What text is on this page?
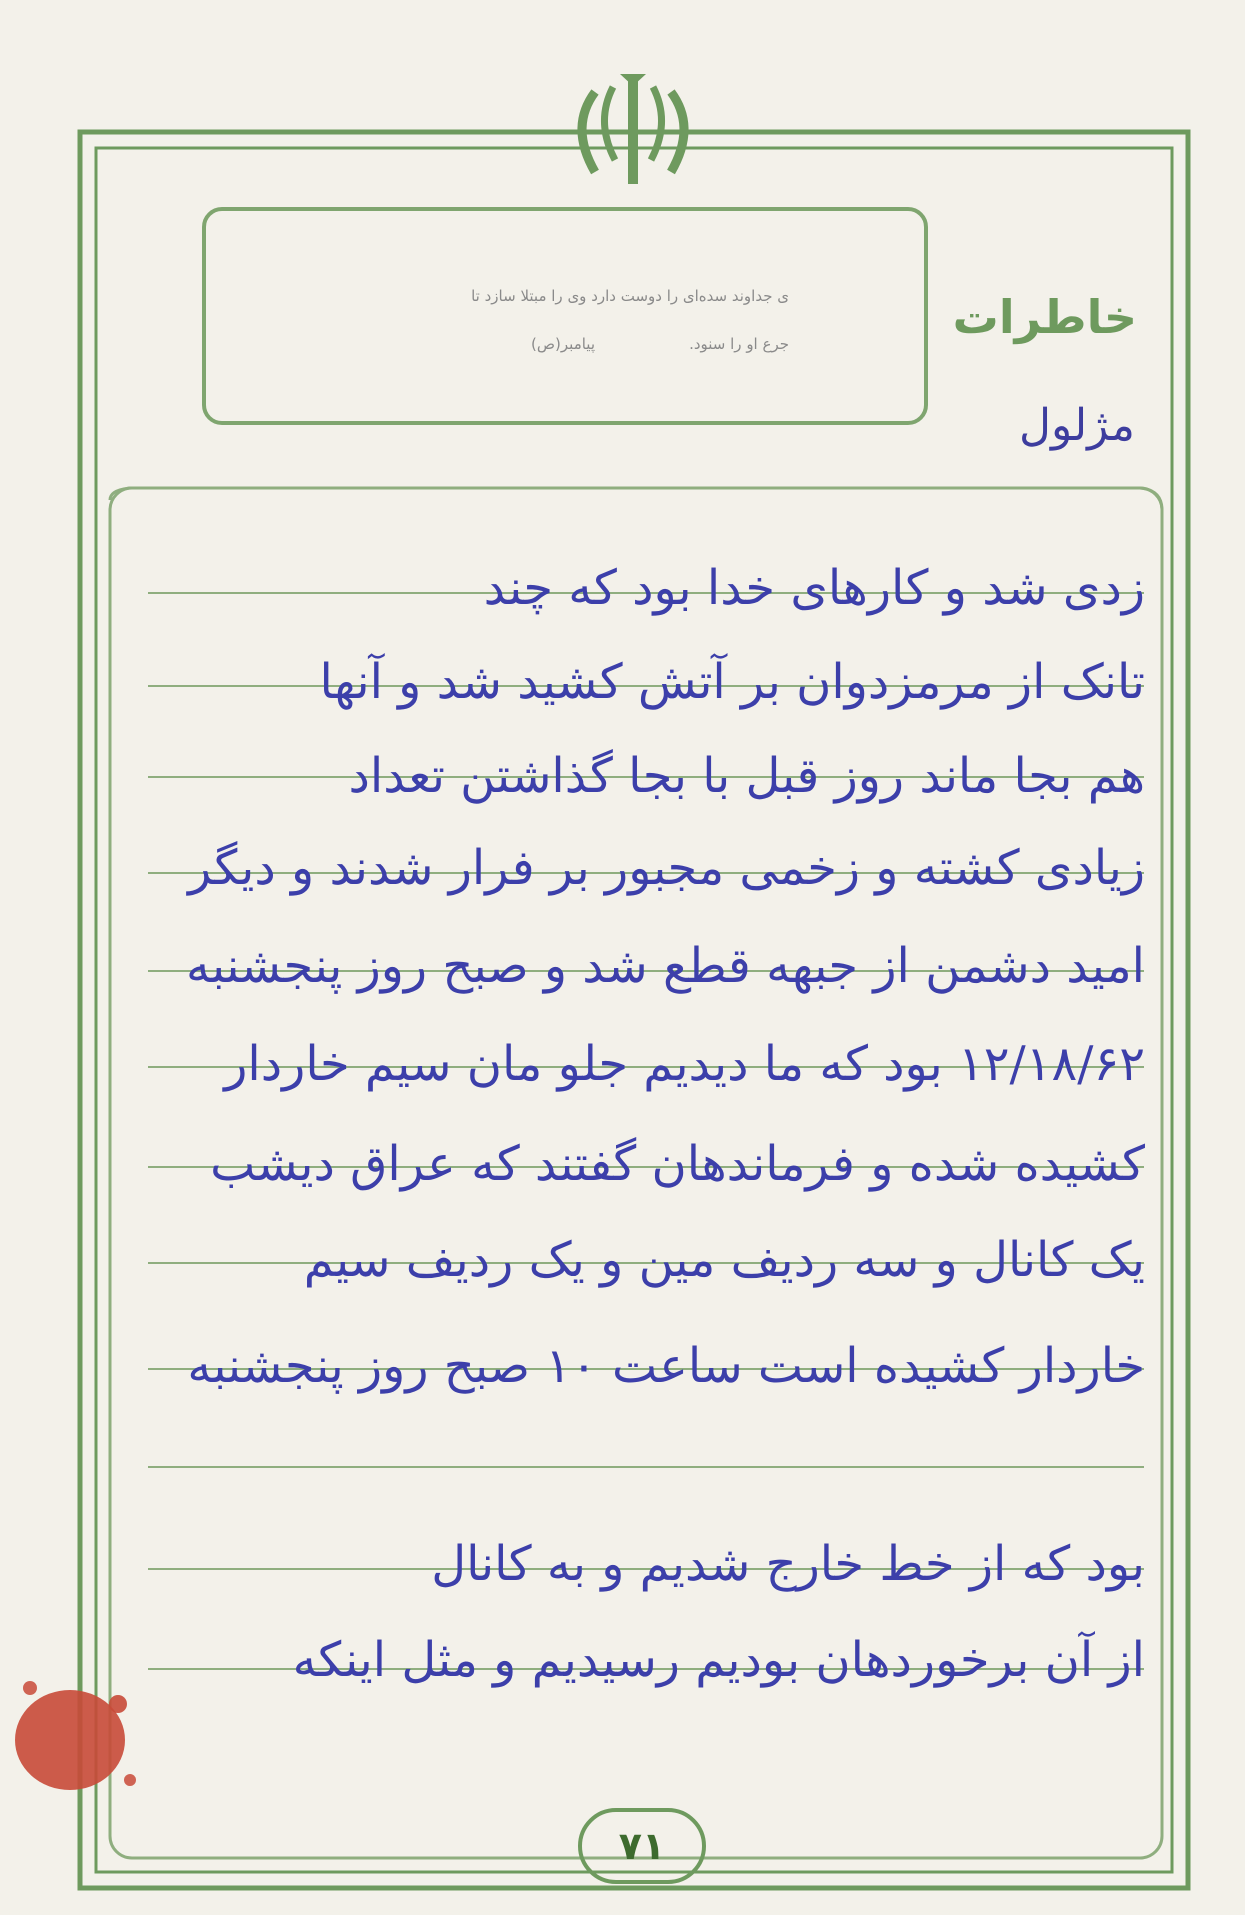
خاطرات
مژلول
ی جداوند سده‌ای را دوست دارد وی را مبتلا سازد تا
جرع او را سنود.
پیامبر(ص)
زدی شد و کارهای خدا بود که چند
تانک از مرمزدوان بر آتش کشید شد و آنها
هم بجا ماند روز قبل با بجا گذاشتن تعداد
زیادی کشته و زخمی مجبور بر فرار شدند و دیگر
امید دشمن از جبهه قطع شد و صبح روز پنجشنبه
۱۲/۱۸/۶۲ بود که ما دیدیم جلو مان سیم خاردار
کشیده شده و فرماندهان گفتند که عراق دیشب
یک کانال و سه ردیف مین و یک ردیف سیم
خاردار کشیده است ساعت ۱۰ صبح روز پنجشنبه
بود که از خط خارج شدیم و به کانال
از آن برخوردهان بودیم رسیدیم و مثل اینکه
۷۱
